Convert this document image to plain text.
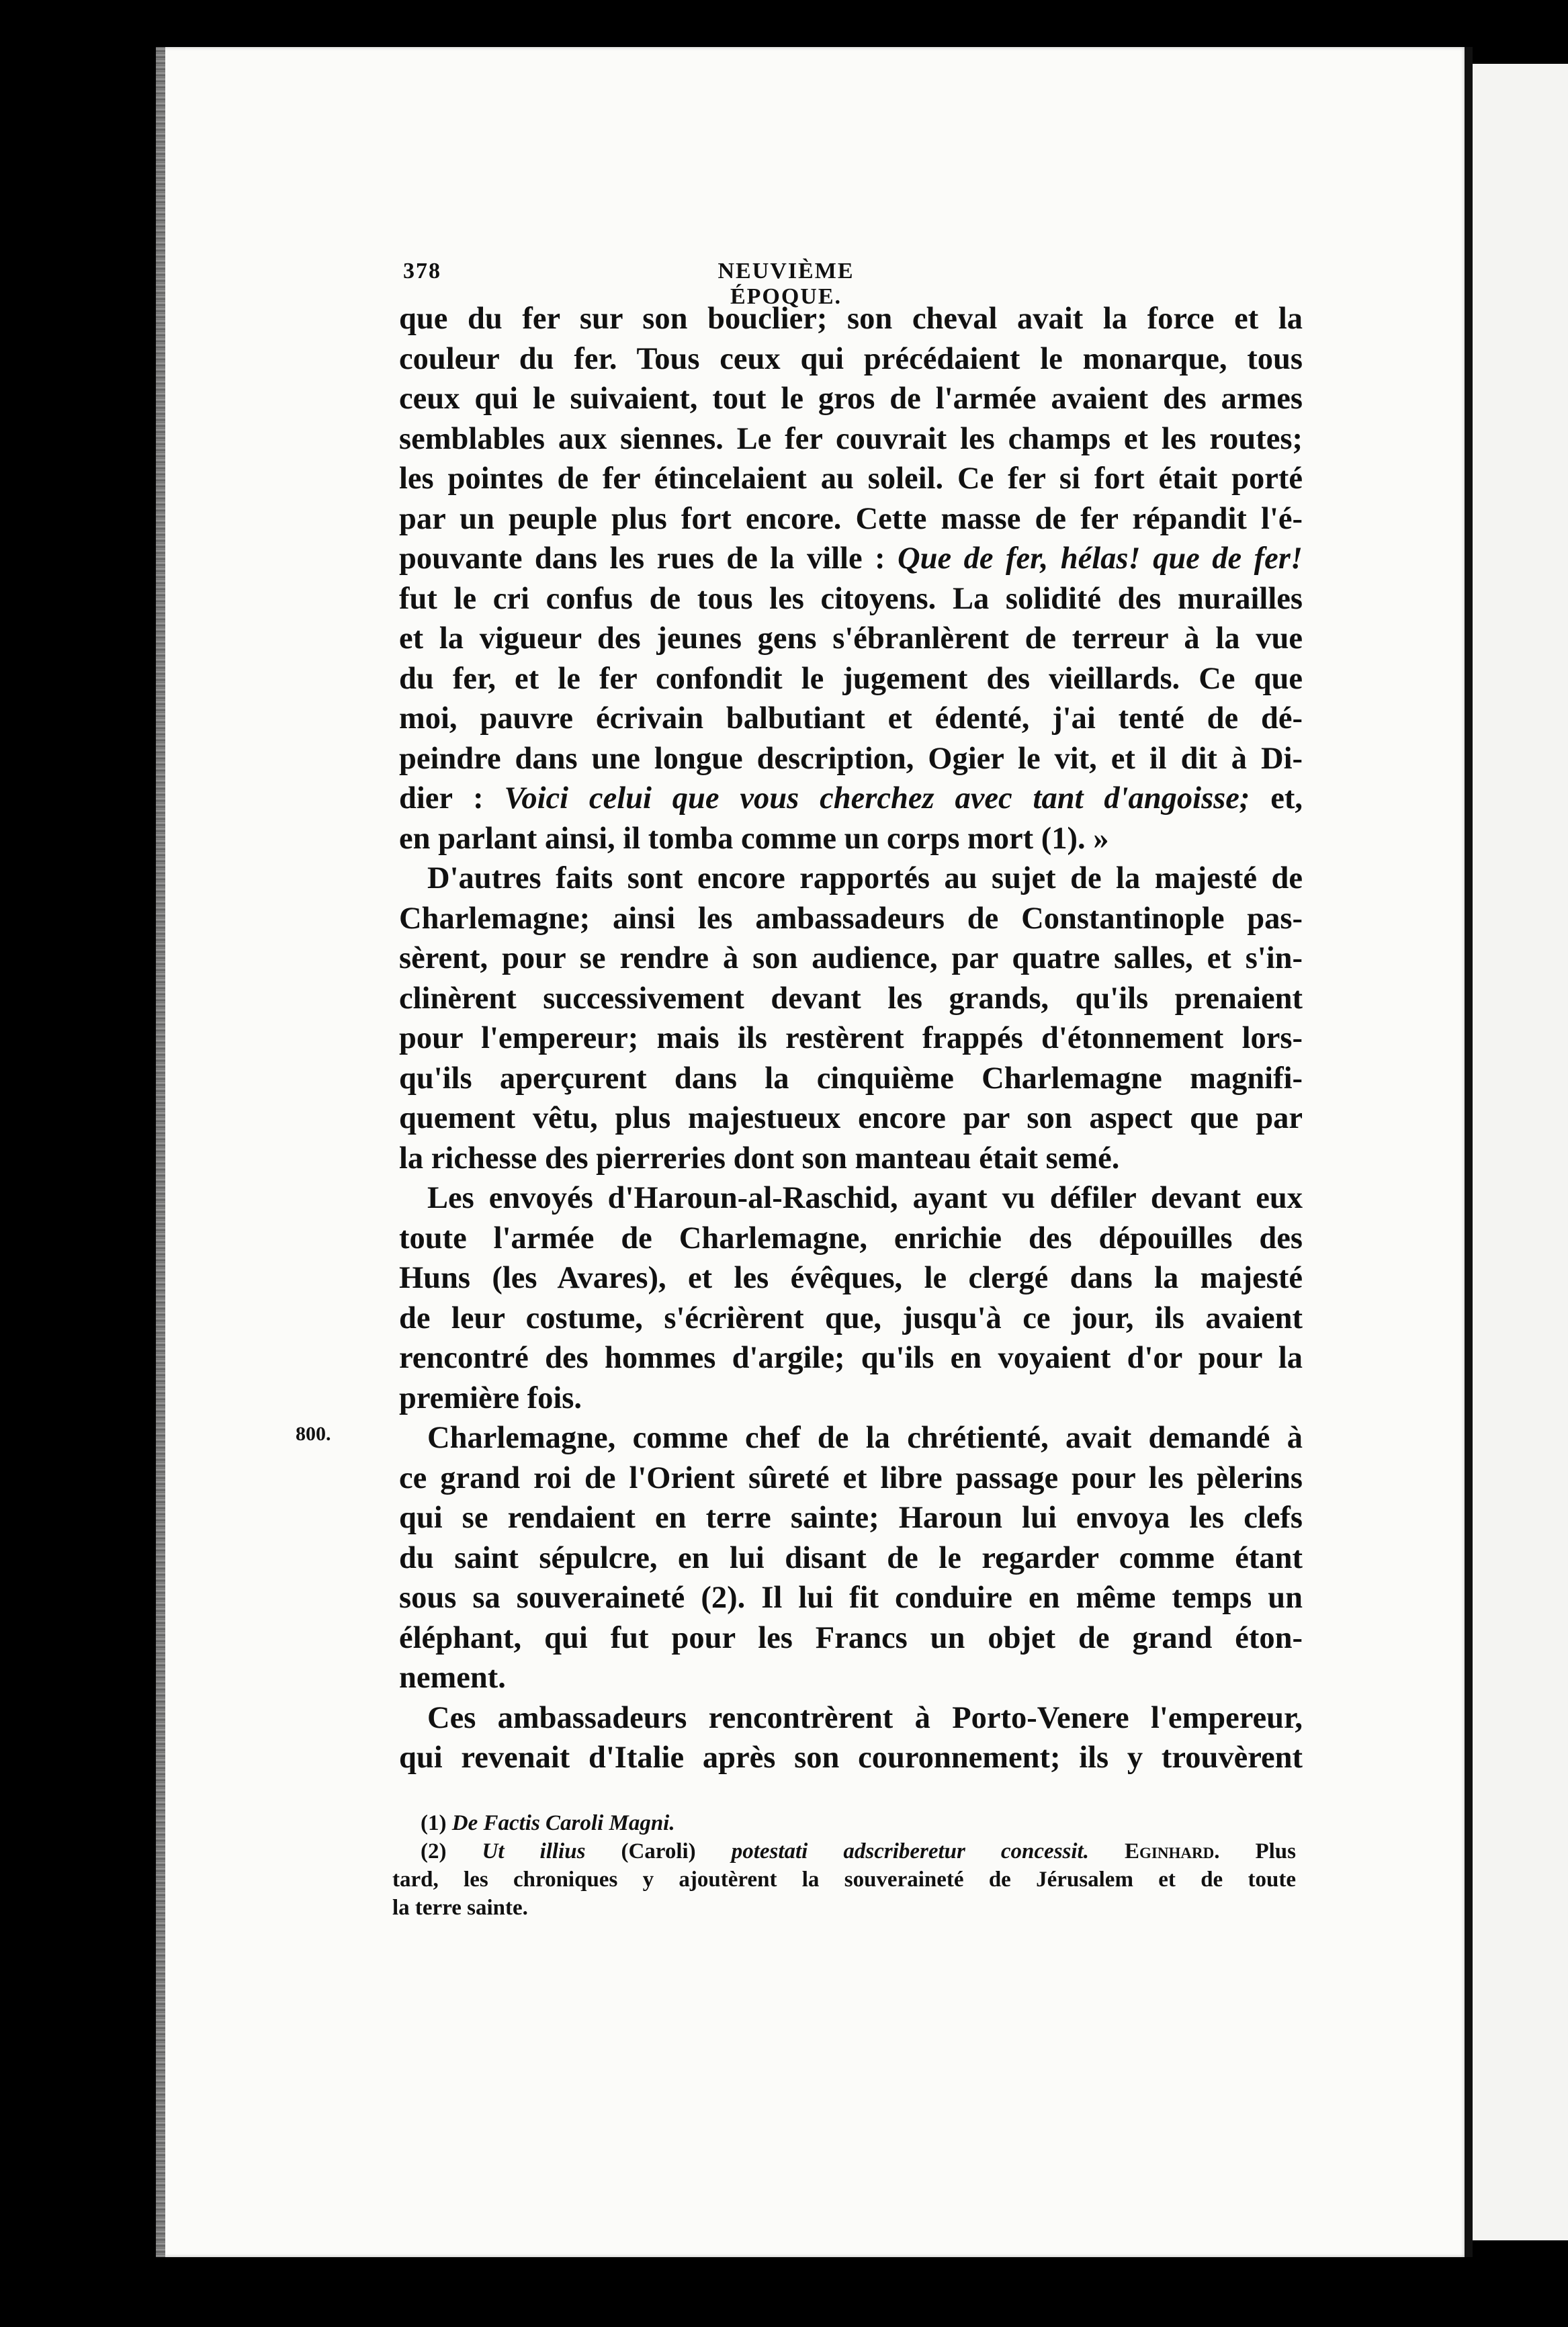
378	NEUVIÈME ÉPOQUE.
800.
que du fer sur son bouclier; son cheval avait la force et la
couleur du fer. Tous ceux qui précédaient le monarque, tous
ceux qui le suivaient, tout le gros de l'armée avaient des armes
semblables aux siennes. Le fer couvrait les champs et les routes;
les pointes de fer étincelaient au soleil. Ce fer si fort était porté
par un peuple plus fort encore. Cette masse de fer répandit l'é-
pouvante dans les rues de la ville : Que de fer, hélas! que de fer!
fut le cri confus de tous les citoyens. La solidité des murailles
et la vigueur des jeunes gens s'ébranlèrent de terreur à la vue
du fer, et le fer confondit le jugement des vieillards. Ce que
moi, pauvre écrivain balbutiant et édenté, j'ai tenté de dé-
peindre dans une longue description, Ogier le vit, et il dit à Di-
dier : Voici celui que vous cherchez avec tant d'angoisse; et,
en parlant ainsi, il tomba comme un corps mort (1). »
D'autres faits sont encore rapportés au sujet de la majesté de
Charlemagne; ainsi les ambassadeurs de Constantinople pas-
sèrent, pour se rendre à son audience, par quatre salles, et s'in-
clinèrent successivement devant les grands, qu'ils prenaient
pour l'empereur; mais ils restèrent frappés d'étonnement lors-
qu'ils aperçurent dans la cinquième Charlemagne magnifi-
quement vêtu, plus majestueux encore par son aspect que par
la richesse des pierreries dont son manteau était semé.
Les envoyés d'Haroun-al-Raschid, ayant vu défiler devant eux
toute l'armée de Charlemagne, enrichie des dépouilles des
Huns (les Avares), et les évêques, le clergé dans la majesté
de leur costume, s'écrièrent que, jusqu'à ce jour, ils avaient
rencontré des hommes d'argile; qu'ils en voyaient d'or pour la
première fois.
Charlemagne, comme chef de la chrétienté, avait demandé à
ce grand roi de l'Orient sûreté et libre passage pour les pèlerins
qui se rendaient en terre sainte; Haroun lui envoya les clefs
du saint sépulcre, en lui disant de le regarder comme étant
sous sa souveraineté (2). Il lui fit conduire en même temps un
éléphant, qui fut pour les Francs un objet de grand éton-
nement.
Ces ambassadeurs rencontrèrent à Porto-Venere l'empereur,
qui revenait d'Italie après son couronnement; ils y trouvèrent
(1) De Factis Caroli Magni.
(2) Ut illius (Caroli) potestati adscriberetur concessit. Eginhard. Plus
tard, les chroniques y ajoutèrent la souveraineté de Jérusalem et de toute
la terre sainte.
